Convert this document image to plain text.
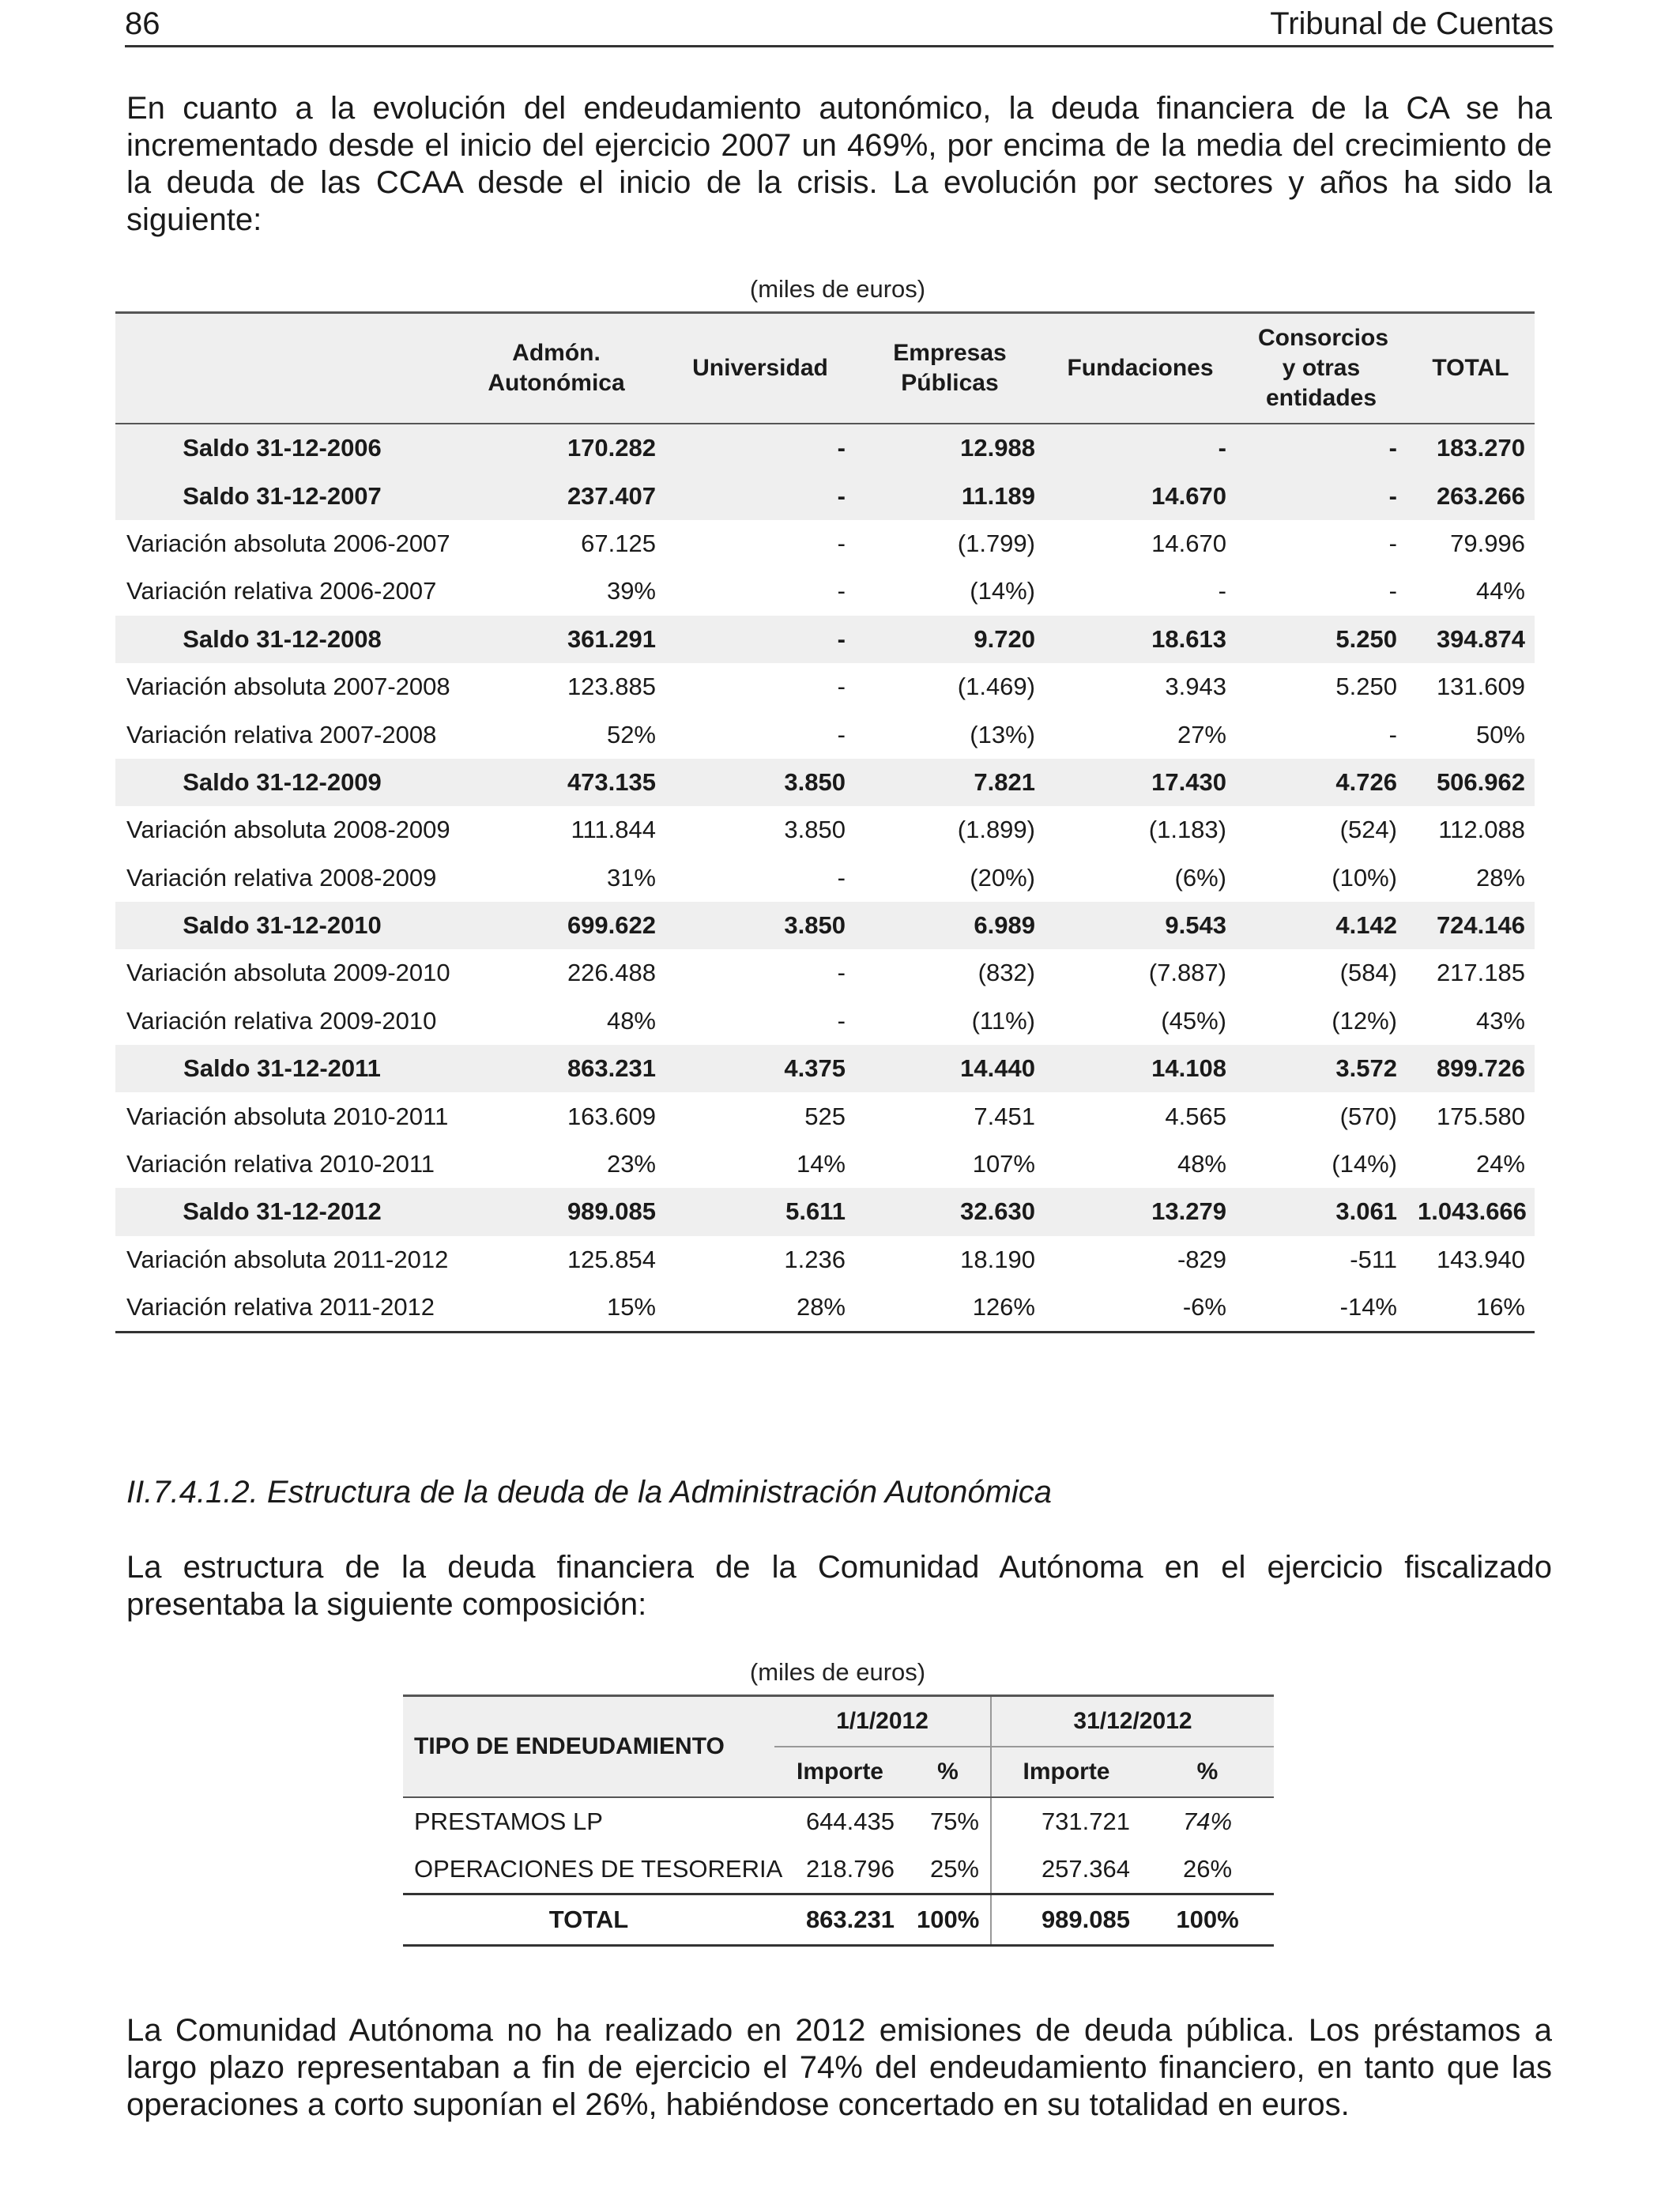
86	Tribunal de Cuentas

En cuanto a la evolución del endeudamiento autonómico, la deuda financiera de la CA se ha incrementado desde el inicio del ejercicio 2007 un 469%, por encima de la media del crecimiento de la deuda de las CCAA desde el inicio de la crisis. La evolución por sectores y años ha sido la siguiente:

(miles de euros)
	Admón. Autonómica	Universidad	Empresas Públicas	Fundaciones	Consorcios y otras entidades	TOTAL
Saldo 31-12-2006	170.282	-	12.988	-	-	183.270
Saldo 31-12-2007	237.407	-	11.189	14.670	-	263.266
Variación absoluta 2006-2007	67.125	-	(1.799)	14.670	-	79.996
Variación relativa 2006-2007	39%	-	(14%)	-	-	44%
Saldo 31-12-2008	361.291	-	9.720	18.613	5.250	394.874
Variación absoluta 2007-2008	123.885	-	(1.469)	3.943	5.250	131.609
Variación relativa 2007-2008	52%	-	(13%)	27%	-	50%
Saldo 31-12-2009	473.135	3.850	7.821	17.430	4.726	506.962
Variación absoluta 2008-2009	111.844	3.850	(1.899)	(1.183)	(524)	112.088
Variación relativa 2008-2009	31%	-	(20%)	(6%)	(10%)	28%
Saldo 31-12-2010	699.622	3.850	6.989	9.543	4.142	724.146
Variación absoluta 2009-2010	226.488	-	(832)	(7.887)	(584)	217.185
Variación relativa 2009-2010	48%	-	(11%)	(45%)	(12%)	43%
Saldo 31-12-2011	863.231	4.375	14.440	14.108	3.572	899.726
Variación absoluta 2010-2011	163.609	525	7.451	4.565	(570)	175.580
Variación relativa 2010-2011	23%	14%	107%	48%	(14%)	24%
Saldo 31-12-2012	989.085	5.611	32.630	13.279	3.061	1.043.666
Variación absoluta 2011-2012	125.854	1.236	18.190	-829	-511	143.940
Variación relativa 2011-2012	15%	28%	126%	-6%	-14%	16%

II.7.4.1.2. Estructura de la deuda de la Administración Autonómica

La estructura de la deuda financiera de la Comunidad Autónoma en el ejercicio fiscalizado presentaba la siguiente composición:

(miles de euros)
TIPO DE ENDEUDAMIENTO	1/1/2012		31/12/2012	
	Importe	%	Importe	%
PRESTAMOS LP	644.435	75%	731.721	74%
OPERACIONES DE TESORERIA	218.796	25%	257.364	26%
TOTAL	863.231	100%	989.085	100%

La Comunidad Autónoma no ha realizado en 2012 emisiones de deuda pública. Los préstamos a largo plazo representaban a fin de ejercicio el 74% del endeudamiento financiero, en tanto que las operaciones a corto suponían el 26%, habiéndose concertado en su totalidad en euros.
